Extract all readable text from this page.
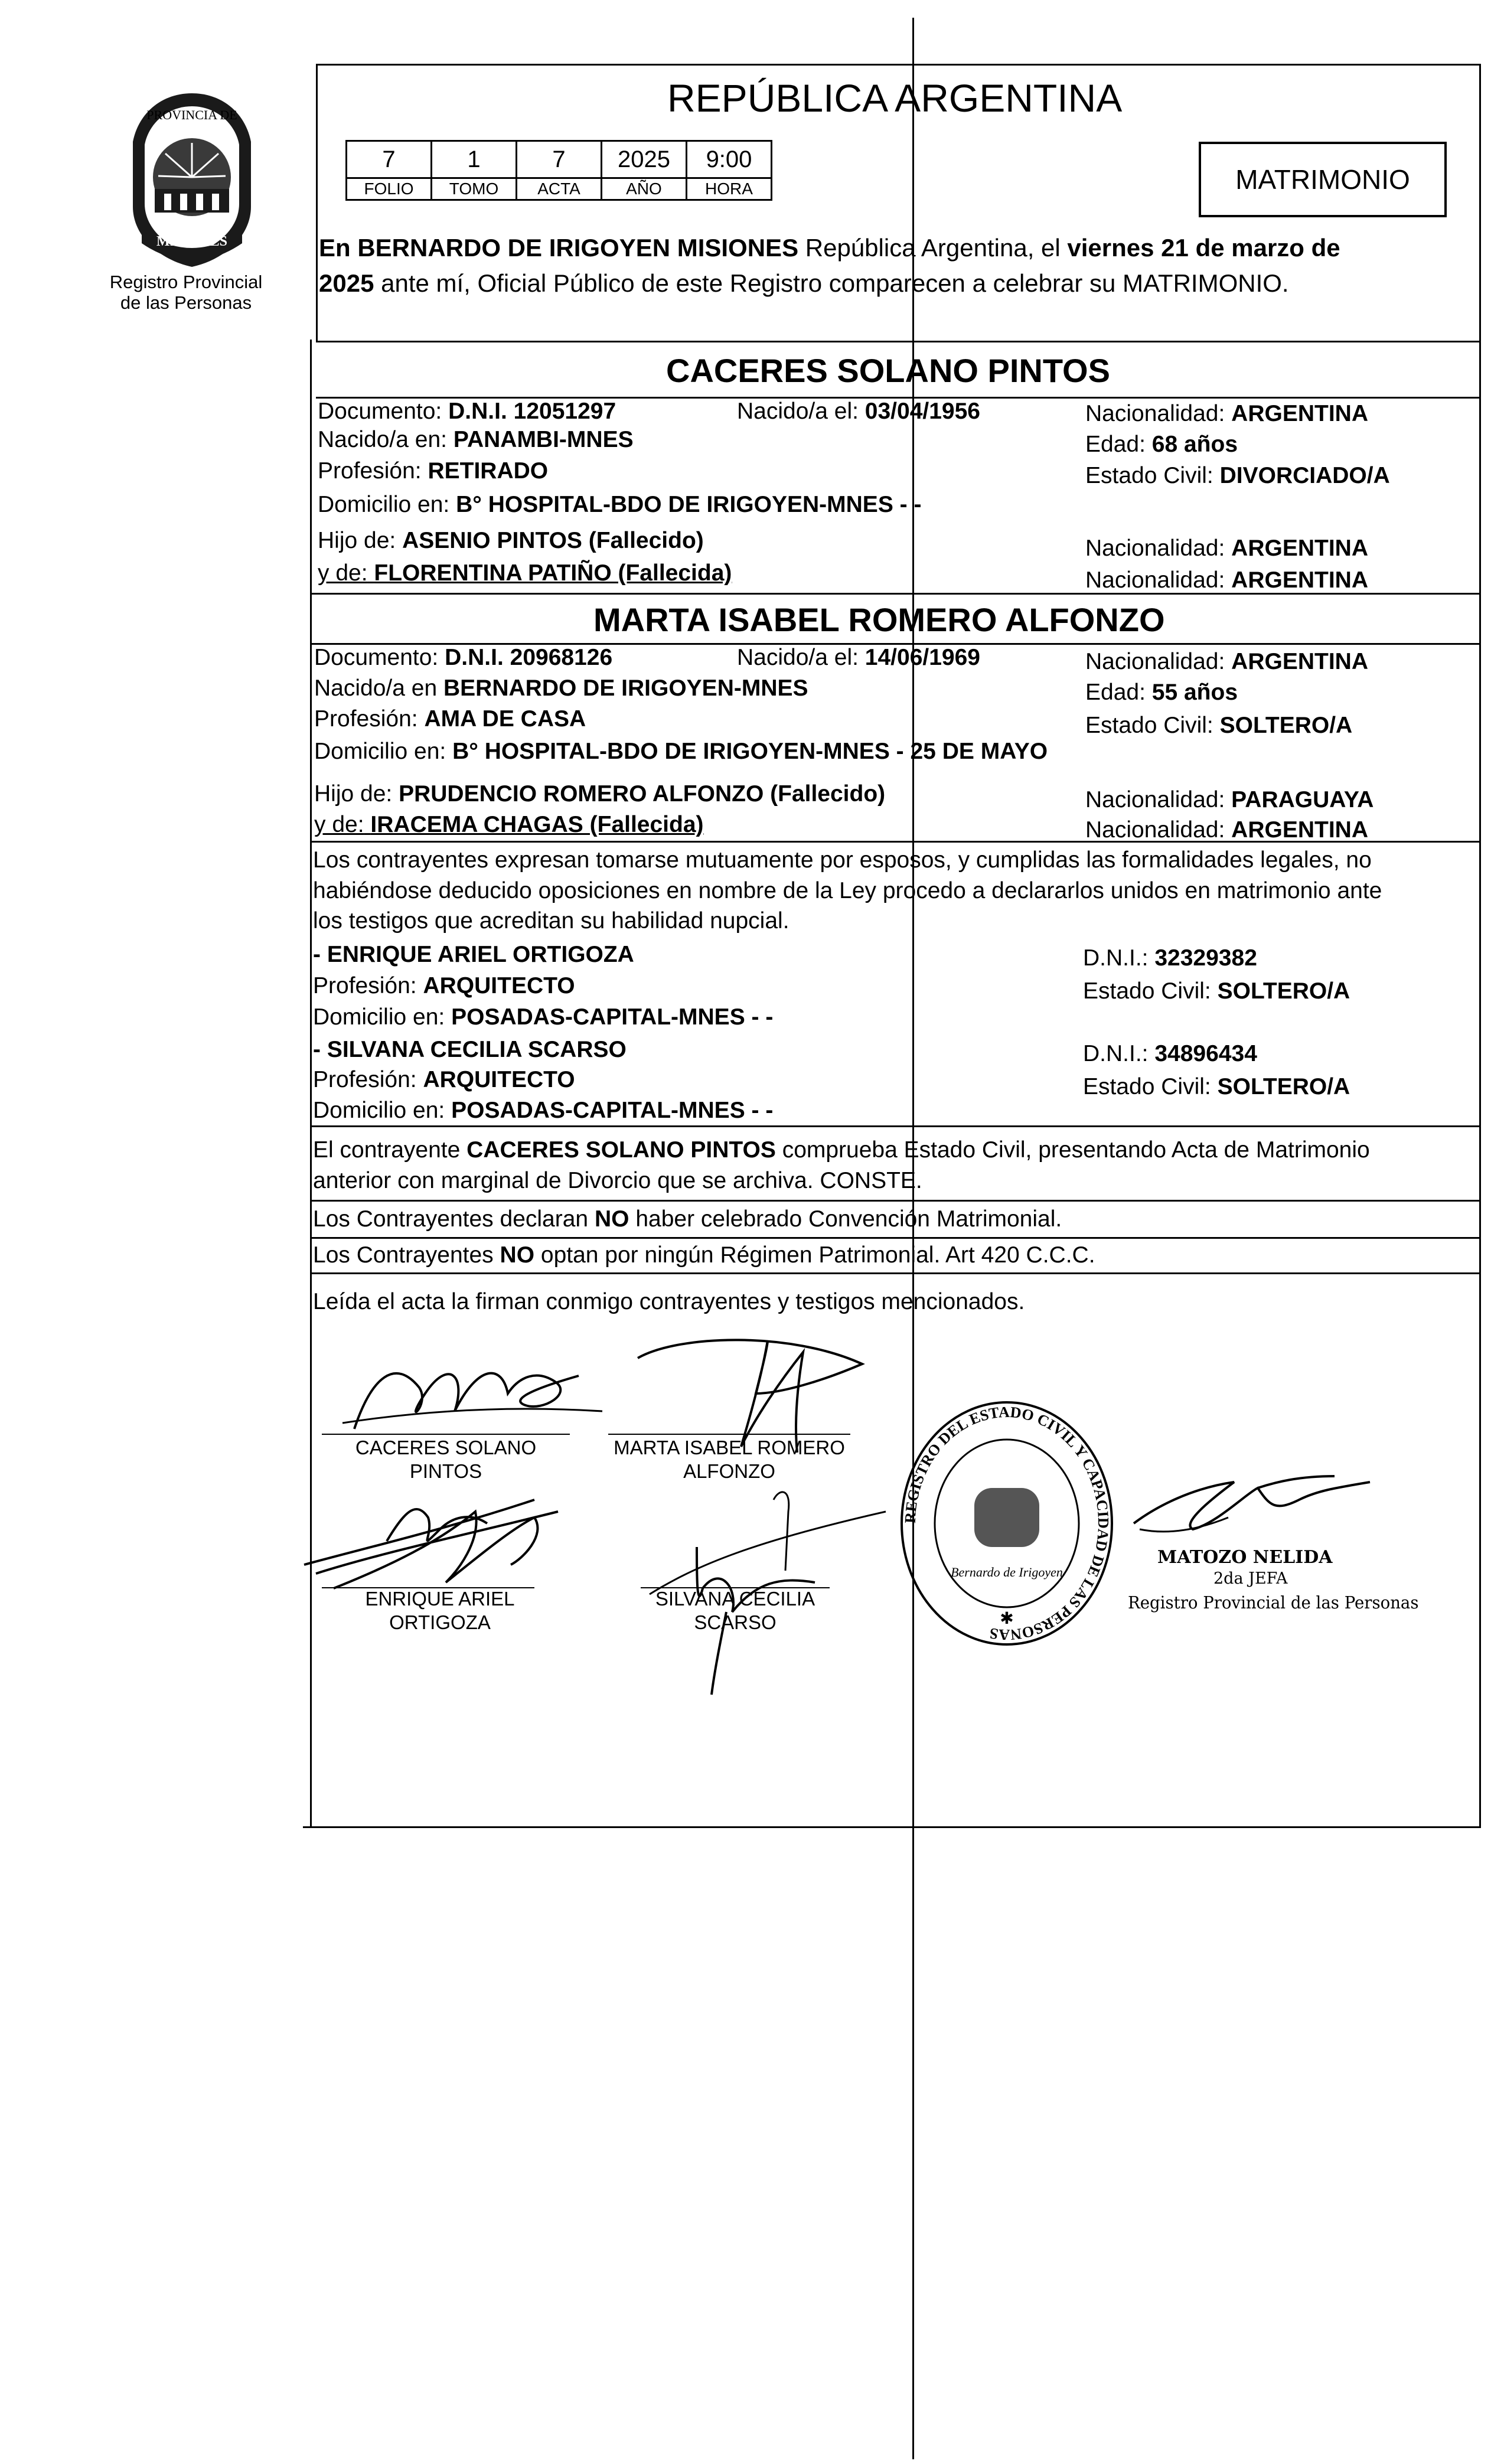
PROVINCIA DE
MISIONES
Registro Provincial
de las Personas
REPÚBLICA ARGENTINA
7	1	7	2025	9:00
FOLIO	TOMO	ACTA	AÑO	HORA	MATRIMONIO
En BERNARDO DE IRIGOYEN MISIONES República Argentina, el viernes 21 de marzo de
2025 ante mí, Oficial Público de este Registro comparecen a celebrar su MATRIMONIO.
CACERES SOLANO PINTOS
Documento: D.N.I. 12051297	Nacido/a el: 03/04/1956	Nacionalidad: ARGENTINA
Nacido/a en: PANAMBI-MNES	Edad: 68 años
Profesión: RETIRADO	Estado Civil: DIVORCIADO/A
Domicilio en: B° HOSPITAL-BDO DE IRIGOYEN-MNES - -
Hijo de: ASENIO PINTOS (Fallecido)	Nacionalidad: ARGENTINA
y de: FLORENTINA PATIÑO (Fallecida)	Nacionalidad: ARGENTINA
MARTA ISABEL ROMERO ALFONZO
Documento: D.N.I. 20968126	Nacido/a el: 14/06/1969	Nacionalidad: ARGENTINA
Nacido/a en BERNARDO DE IRIGOYEN-MNES	Edad: 55 años
Profesión: AMA DE CASA	Estado Civil: SOLTERO/A
Domicilio en: B° HOSPITAL-BDO DE IRIGOYEN-MNES - 25 DE MAYO
Hijo de: PRUDENCIO ROMERO ALFONZO (Fallecido)	Nacionalidad: PARAGUAYA
y de: IRACEMA CHAGAS (Fallecida)	Nacionalidad: ARGENTINA
Los contrayentes expresan tomarse mutuamente por esposos, y cumplidas las formalidades legales, no
habiéndose deducido oposiciones en nombre de la Ley procedo a declararlos unidos en matrimonio ante
los testigos que acreditan su habilidad nupcial.
- ENRIQUE ARIEL ORTIGOZA	D.N.I.: 32329382
Profesión: ARQUITECTO	Estado Civil: SOLTERO/A
Domicilio en: POSADAS-CAPITAL-MNES - -
- SILVANA CECILIA SCARSO	D.N.I.: 34896434
Profesión: ARQUITECTO	Estado Civil: SOLTERO/A
Domicilio en: POSADAS-CAPITAL-MNES - -
El contrayente CACERES SOLANO PINTOS comprueba Estado Civil, presentando Acta de Matrimonio
anterior con marginal de Divorcio que se archiva. CONSTE.
Los Contrayentes declaran NO haber celebrado Convención Matrimonial.
Los Contrayentes NO optan por ningún Régimen Patrimonial. Art 420 C.C.C.
Leída el acta la firman conmigo contrayentes y testigos mencionados.
CACERES SOLANO
PINTOS
MARTA ISABEL ROMERO
ALFONZO
ENRIQUE ARIEL
ORTIGOZA
SILVANA CECILIA
SCARSO
REGISTRO DEL ESTADO CIVIL Y CAPACIDAD DE LAS PERSONAS
Bernardo de Irigoyen
✱
MATOZO NELIDA
2da JEFA
Registro Provincial de las Personas
